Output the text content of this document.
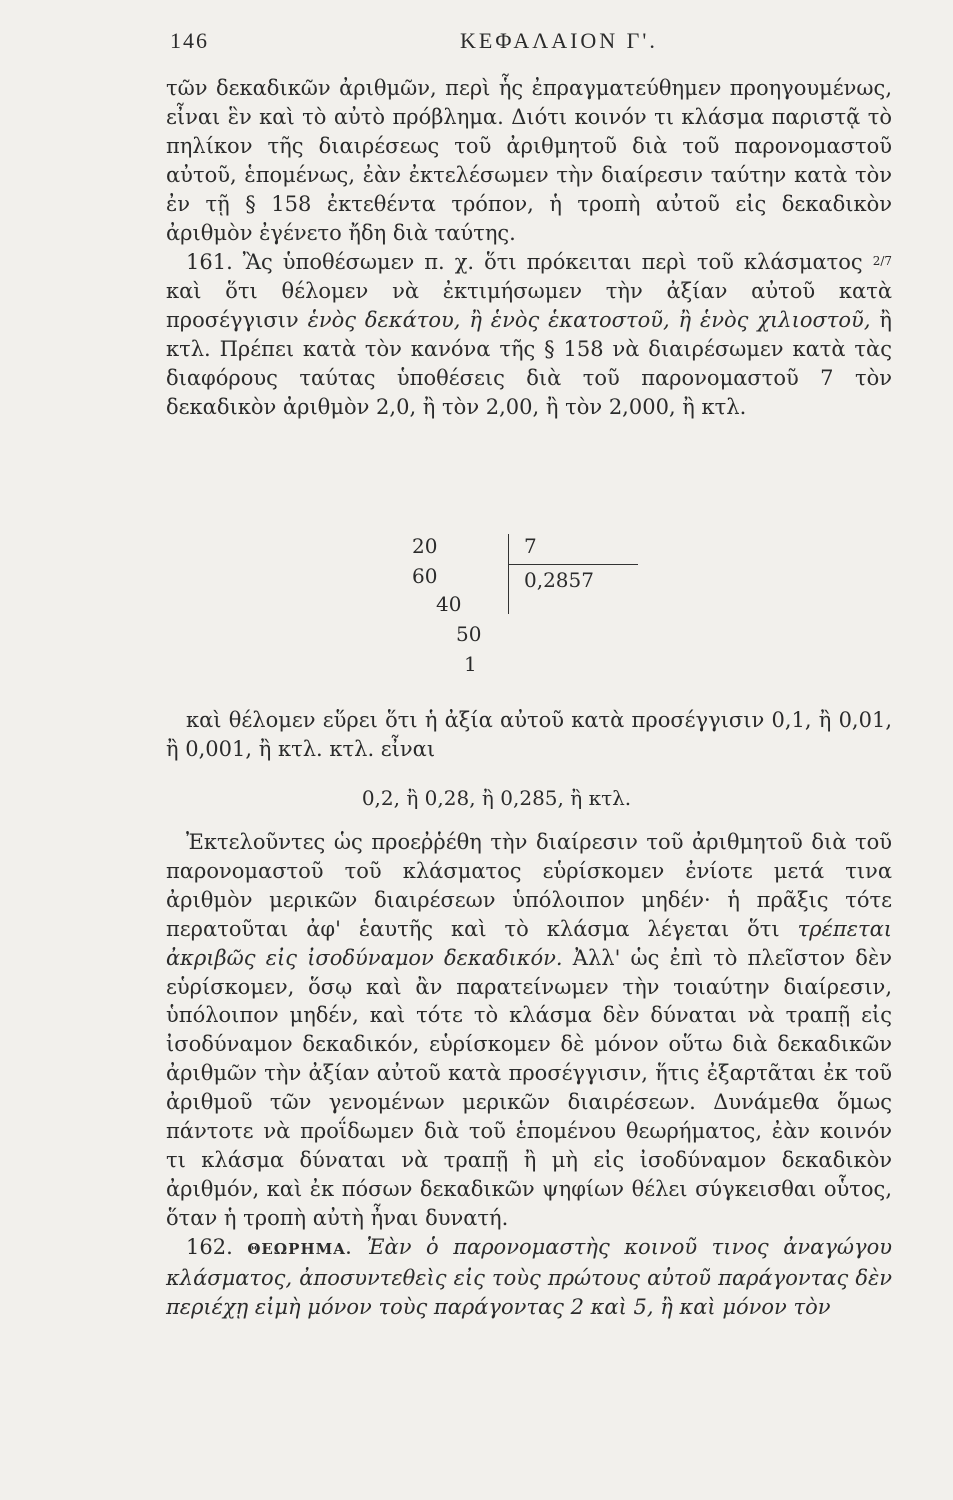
146	ΚΕΦΑΛΑΙΟΝ Γ'.

τῶν δεκαδικῶν ἀριθμῶν, περὶ ἧς ἐπραγματεύθημεν προηγουμένως, εἶναι ἓν καὶ τὸ αὐτὸ πρόβλημα. Διότι κοινόν τι κλάσμα παριστᾷ τὸ πηλίκον τῆς διαιρέσεως τοῦ ἀριθμητοῦ διὰ τοῦ παρονομαστοῦ αὐτοῦ, ἑπομένως, ἐὰν ἐκτελέσωμεν τὴν διαίρεσιν ταύτην κατὰ τὸν ἐν τῇ § 158 ἐκτεθέντα τρόπον, ἡ τροπὴ αὐτοῦ εἰς δεκαδικὸν ἀριθμὸν ἐγένετο ἤδη διὰ ταύτης.

161. Ἂς ὑποθέσωμεν π. χ. ὅτι πρόκειται περὶ τοῦ κλάσματος 2/7 καὶ ὅτι θέλομεν νὰ ἐκτιμήσωμεν τὴν ἀξίαν αὐτοῦ κατὰ προσέγγισιν ἑνὸς δεκάτου, ἢ ἑνὸς ἑκατοστοῦ, ἢ ἑνὸς χιλιοστοῦ, ἢ κτλ. Πρέπει κατὰ τὸν κανόνα τῆς § 158 νὰ διαιρέσωμεν κατὰ τὰς διαφόρους ταύτας ὑποθέσεις διὰ τοῦ παρονομαστοῦ 7 τὸν δεκαδικὸν ἀριθμὸν 2,0, ἢ τὸν 2,00, ἢ τὸν 2,000, ἢ κτλ.

20
60
40
50
1
7
0,2857

καὶ θέλομεν εὕρει ὅτι ἡ ἀξία αὐτοῦ κατὰ προσέγγισιν 0,1, ἢ 0,01, ἢ 0,001, ἢ κτλ. κτλ. εἶναι

0,2, ἢ 0,28, ἢ 0,285, ἢ κτλ.

Ἐκτελοῦντες ὡς προεῤῥέθη τὴν διαίρεσιν τοῦ ἀριθμητοῦ διὰ τοῦ παρονομαστοῦ τοῦ κλάσματος εὑρίσκομεν ἐνίοτε μετά τινα ἀριθμὸν μερικῶν διαιρέσεων ὑπόλοιπον μηδέν· ἡ πρᾶξις τότε περατοῦται ἀφ' ἑαυτῆς καὶ τὸ κλάσμα λέγεται ὅτι τρέπεται ἀκριβῶς εἰς ἰσοδύναμον δεκαδικόν. Ἀλλ' ὡς ἐπὶ τὸ πλεῖστον δὲν εὑρίσκομεν, ὅσῳ καὶ ἂν παρατείνωμεν τὴν τοιαύτην διαίρεσιν, ὑπόλοιπον μηδέν, καὶ τότε τὸ κλάσμα δὲν δύναται νὰ τραπῇ εἰς ἰσοδύναμον δεκαδικόν, εὑρίσκομεν δὲ μόνον οὕτω διὰ δεκαδικῶν ἀριθμῶν τὴν ἀξίαν αὐτοῦ κατὰ προσέγγισιν, ἥτις ἐξαρτᾶται ἐκ τοῦ ἀριθμοῦ τῶν γενομένων μερικῶν διαιρέσεων. Δυνάμεθα ὅμως πάντοτε νὰ προΐδωμεν διὰ τοῦ ἑπομένου θεωρήματος, ἐὰν κοινόν τι κλάσμα δύναται νὰ τραπῇ ἢ μὴ εἰς ἰσοδύναμον δεκαδικὸν ἀριθμόν, καὶ ἐκ πόσων δεκαδικῶν ψηφίων θέλει σύγκεισθαι οὗτος, ὅταν ἡ τροπὴ αὐτὴ ἦναι δυνατή.

162. ΘΕΩΡΗΜΑ. Ἐὰν ὁ παρονομαστὴς κοινοῦ τινος ἀναγώγου κλάσματος, ἀποσυντεθεὶς εἰς τοὺς πρώτους αὐτοῦ παράγοντας δὲν περιέχῃ εἰμὴ μόνον τοὺς παράγοντας 2 καὶ 5, ἢ καὶ μόνον τὸν
